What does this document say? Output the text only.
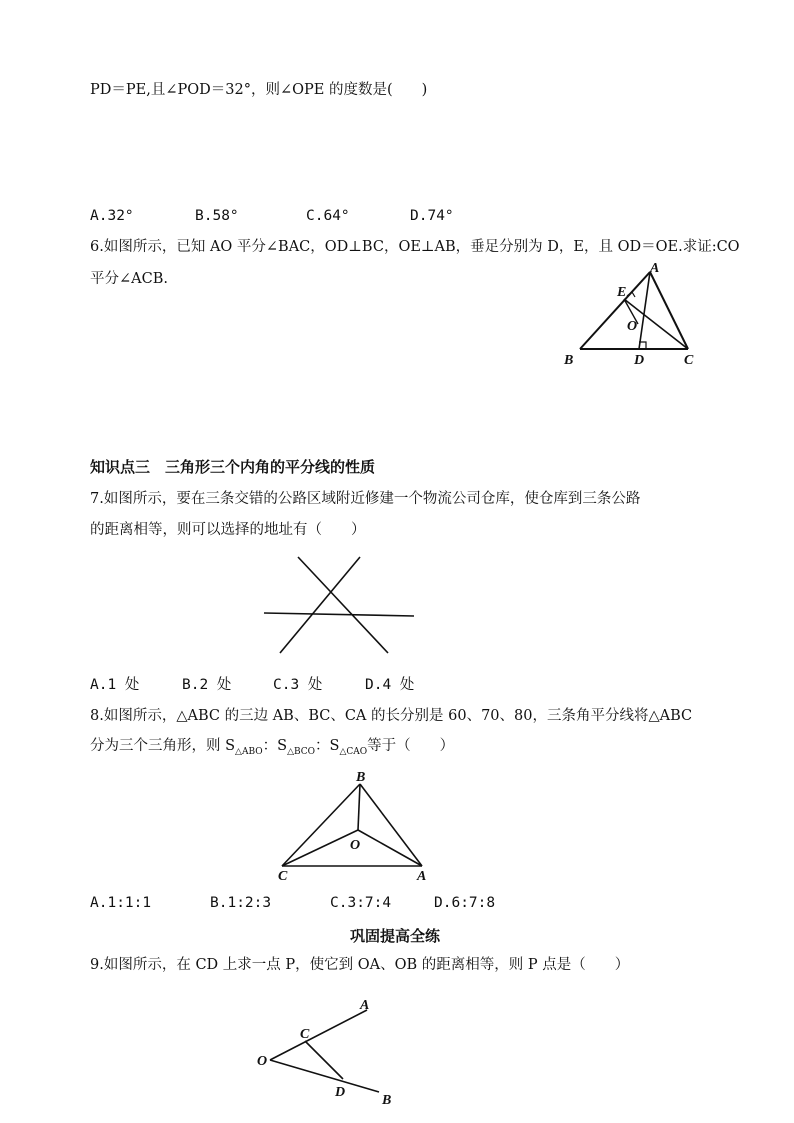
PD＝PE,且∠POD＝32°，则∠OPE 的度数是(　　)
A.32°	B.58°	C.64°	D.74°
6.如图所示，已知 AO 平分∠BAC，OD⊥BC，OE⊥AB，垂足分别为 D，E，且 OD＝OE.求证:CO
平分∠ACB.
A
E
O
B	D	C
知识点三　三角形三个内角的平分线的性质
7.如图所示，要在三条交错的公路区域附近修建一个物流公司仓库，使仓库到三条公路
的距离相等，则可以选择的地址有（　　）
A.1 处	B.2 处	C.3 处	D.4 处
8.如图所示，△ABC 的三边 AB、BC、CA 的长分别是 60、70、80，三条角平分线将△ABC
分为三个三角形，则 $S_{\triangle ABO}$：$S_{\triangle BCO}$：$S_{\triangle CAO}$等于（　　）
B
O
C	A
A.1:1:1	B.1:2:3	C.3:7:4	D.6:7:8
巩固提高全练
9.如图所示，在 CD 上求一点 P，使它到 OA、OB 的距离相等，则 P 点是（　　）
A
C
O
D
B
